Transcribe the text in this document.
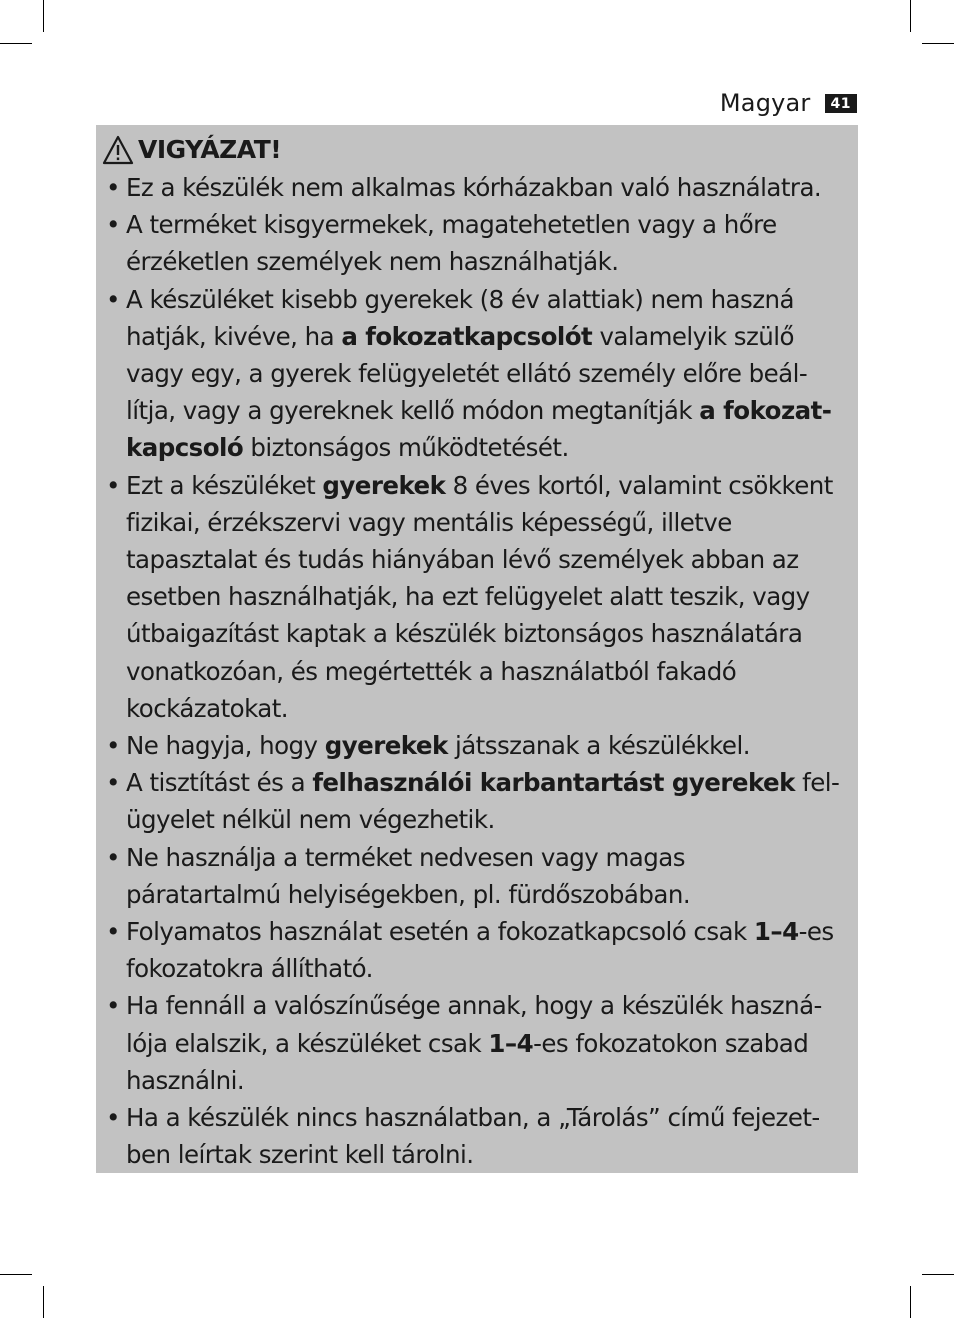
Magyar	41
VIGYÁZAT!
• Ez a készülék nem alkalmas kórházakban való használatra.
• A terméket kisgyermekek, magatehetetlen vagy a hőre
érzéketlen személyek nem használhatják.
• A készüléket kisebb gyerekek (8 év alattiak) nem haszná
hatják, kivéve, ha a fokozatkapcsolót valamelyik szülő
vagy egy, a gyerek felügyeletét ellátó személy előre beál-
lítja, vagy a gyereknek kellő módon megtanítják a fokozat-
kapcsoló biztonságos működtetését.
• Ezt a készüléket gyerekek 8 éves kortól, valamint csökkent
fizikai, érzékszervi vagy mentális képességű, illetve
tapasztalat és tudás hiányában lévő személyek abban az
esetben használhatják, ha ezt felügyelet alatt teszik, vagy
útbaigazítást kaptak a készülék biztonságos használatára
vonatkozóan, és megértették a használatból fakadó
kockázatokat.
• Ne hagyja, hogy gyerekek játsszanak a készülékkel.
• A tisztítást és a felhasználói karbantartást gyerekek fel-
ügyelet nélkül nem végezhetik.
• Ne használja a terméket nedvesen vagy magas
páratartalmú helyiségekben, pl. fürdőszobában.
• Folyamatos használat esetén a fokozatkapcsoló csak 1–4-es
fokozatokra állítható.
• Ha fennáll a valószínűsége annak, hogy a készülék haszná-
lója elalszik, a készüléket csak 1–4-es fokozatokon szabad
használni.
• Ha a készülék nincs használatban, a „Tárolás” című fejezet-
ben leírtak szerint kell tárolni.
